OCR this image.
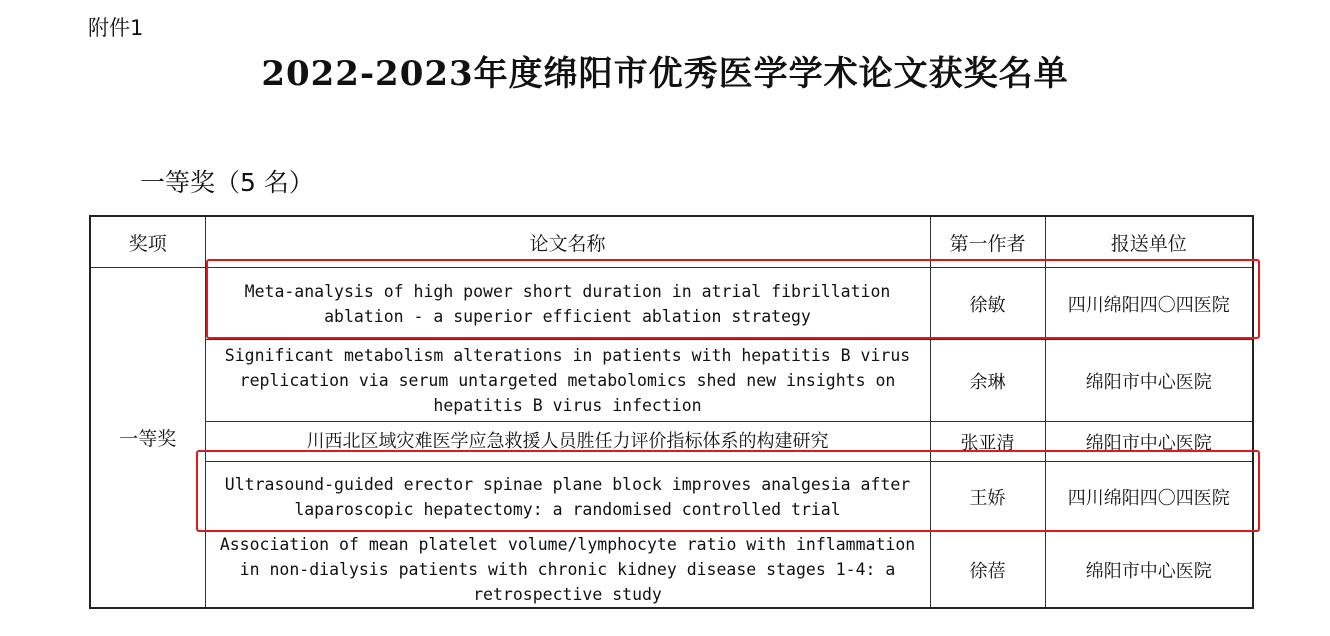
附件1
2022-2023年度绵阳市优秀医学学术论文获奖名单
一等奖（5 名）
奖项	论文名称	第一作者	报送单位
一等奖	Meta-analysis of high power short duration in atrial fibrillation ablation - a superior efficient ablation strategy	徐敏	四川绵阳四〇四医院
	Significant metabolism alterations in patients with hepatitis B virus replication via serum untargeted metabolomics shed new insights on hepatitis B virus infection	余琳	绵阳市中心医院
	川西北区域灾难医学应急救援人员胜任力评价指标体系的构建研究	张亚清	绵阳市中心医院
	Ultrasound-guided erector spinae plane block improves analgesia after laparoscopic hepatectomy: a randomised controlled trial	王娇	四川绵阳四〇四医院
	Association of mean platelet volume/lymphocyte ratio with inflammation in non-dialysis patients with chronic kidney disease stages 1-4: a retrospective study	徐蓓	绵阳市中心医院
